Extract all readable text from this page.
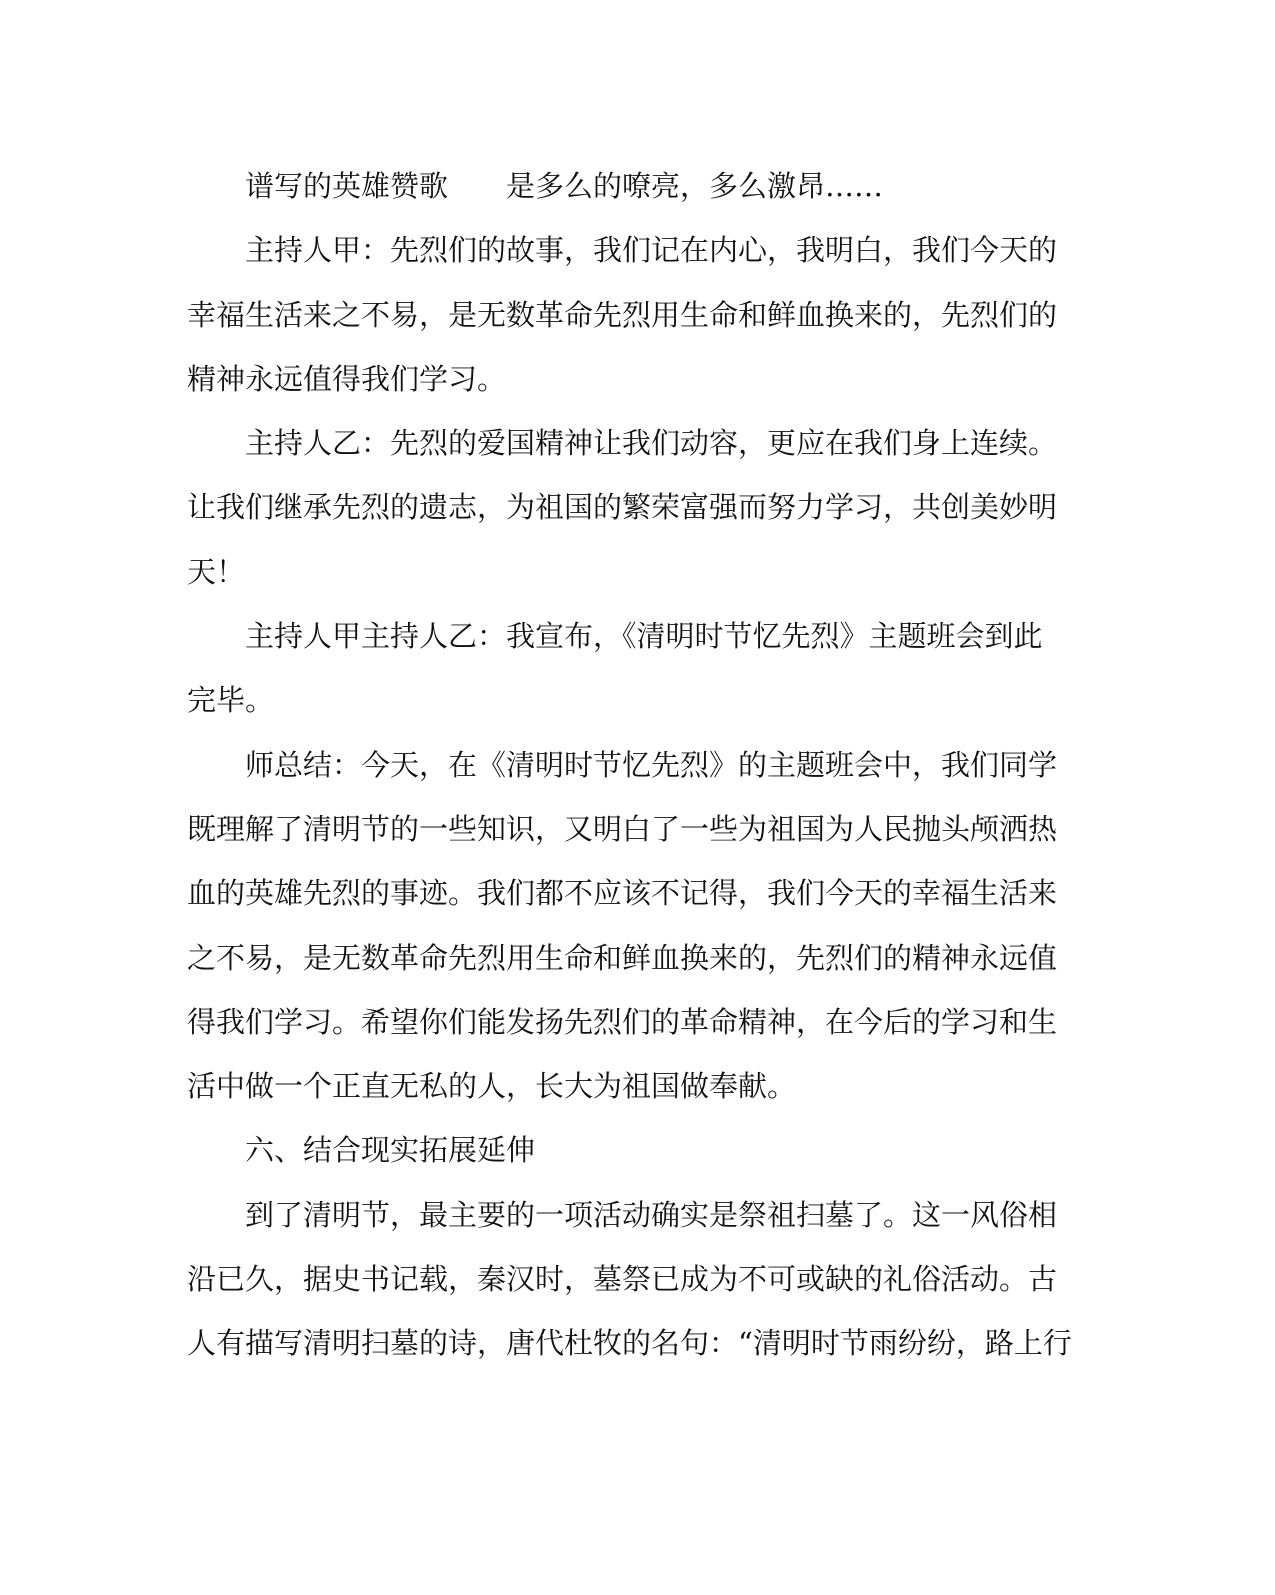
谱写的英雄赞歌 是多么的嘹亮，多么激昂……
主持人甲：先烈们的故事，我们记在内心，我明白，我们今天的
幸福生活来之不易，是无数革命先烈用生命和鲜血换来的，先烈们的
精神永远值得我们学习。
主持人乙：先烈的爱国精神让我们动容，更应在我们身上连续。
让我们继承先烈的遗志，为祖国的繁荣富强而努力学习，共创美妙明
天！
主持人甲主持人乙：我宣布，《清明时节忆先烈》主题班会到此
完毕。
师总结：今天，在《清明时节忆先烈》的主题班会中，我们同学
既理解了清明节的一些知识，又明白了一些为祖国为人民抛头颅洒热
血的英雄先烈的事迹。我们都不应该不记得，我们今天的幸福生活来
之不易，是无数革命先烈用生命和鲜血换来的，先烈们的精神永远值
得我们学习。希望你们能发扬先烈们的革命精神，在今后的学习和生
活中做一个正直无私的人，长大为祖国做奉献。
六、结合现实拓展延伸
到了清明节，最主要的一项活动确实是祭祖扫墓了。这一风俗相
沿已久，据史书记载，秦汉时，墓祭已成为不可或缺的礼俗活动。古
人有描写清明扫墓的诗，唐代杜牧的名句：“清明时节雨纷纷，路上行
